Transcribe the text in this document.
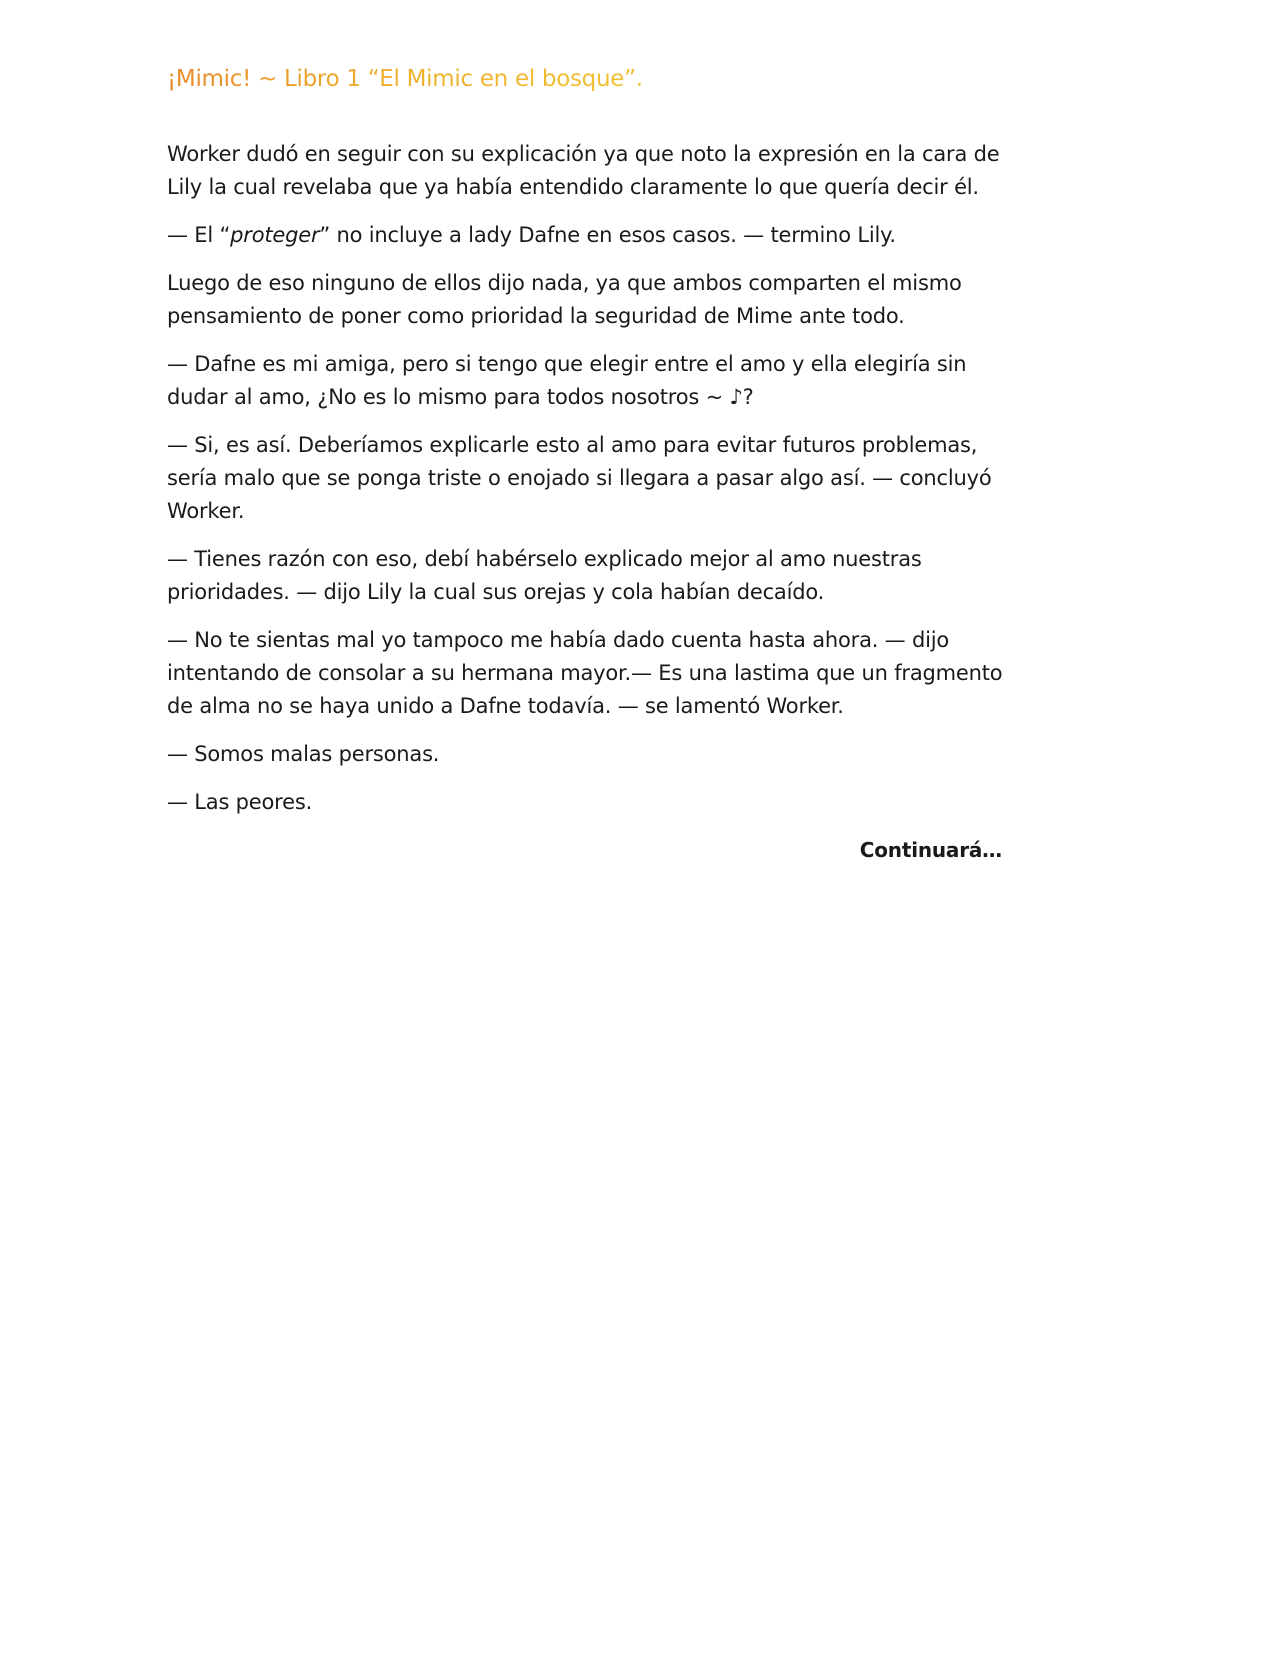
¡Mimic! ~ Libro 1 “El Mimic en el bosque”.

Worker dudó en seguir con su explicación ya que noto la expresión en la cara de Lily la cual revelaba que ya había entendido claramente lo que quería decir él.

— El “proteger” no incluye a lady Dafne en esos casos. — termino Lily.

Luego de eso ninguno de ellos dijo nada, ya que ambos comparten el mismo pensamiento de poner como prioridad la seguridad de Mime ante todo.

— Dafne es mi amiga, pero si tengo que elegir entre el amo y ella elegiría sin dudar al amo, ¿No es lo mismo para todos nosotros ~ ♪?

— Si, es así. Deberíamos explicarle esto al amo para evitar futuros problemas, sería malo que se ponga triste o enojado si llegara a pasar algo así. — concluyó Worker.

— Tienes razón con eso, debí habérselo explicado mejor al amo nuestras prioridades. — dijo Lily la cual sus orejas y cola habían decaído.

— No te sientas mal yo tampoco me había dado cuenta hasta ahora. — dijo intentando de consolar a su hermana mayor.— Es una lastima que un fragmento de alma no se haya unido a Dafne todavía. — se lamentó Worker.

— Somos malas personas.

— Las peores.

Continuará…
